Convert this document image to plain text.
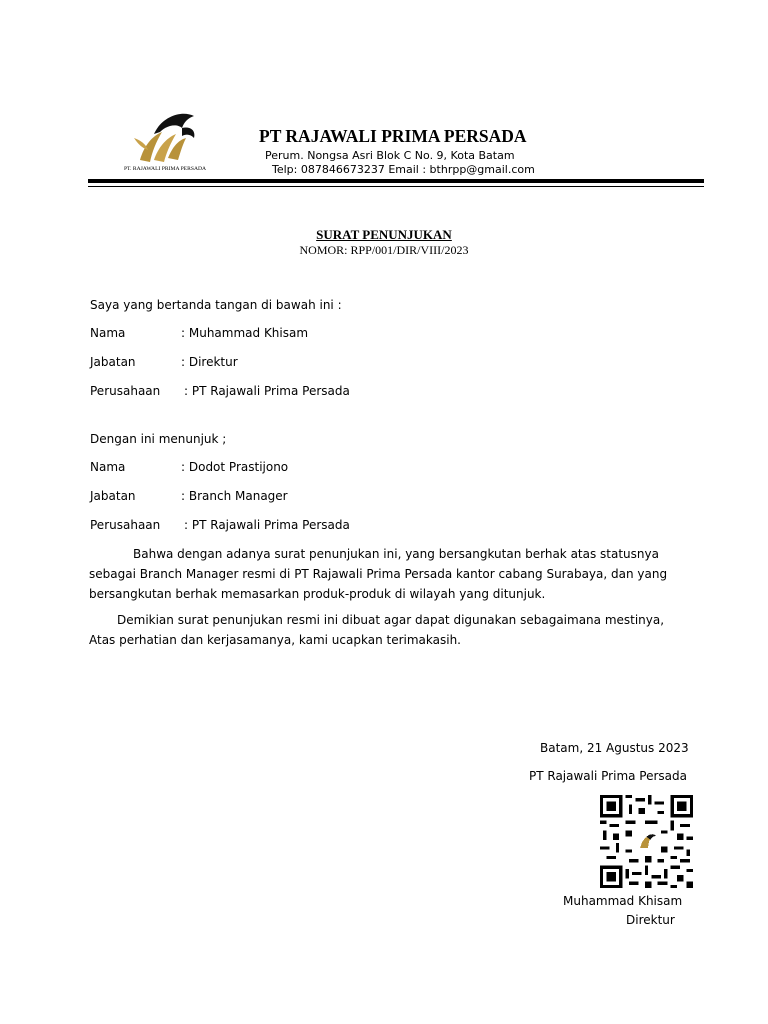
PT. RAJAWALI PRIMA PERSADA
PT RAJAWALI PRIMA PERSADA
Perum. Nongsa Asri Blok C No. 9, Kota Batam
Telp: 087846673237 Email : bthrpp@gmail.com
SURAT PENUNJUKAN
NOMOR: RPP/001/DIR/VIII/2023
Saya yang bertanda tangan di bawah ini :
Nama	: Muhammad Khisam
Jabatan	: Direktur
Perusahaan : PT Rajawali Prima Persada
Dengan ini menunjuk ;
Nama	: Dodot Prastijono
Jabatan	: Branch Manager
Perusahaan : PT Rajawali Prima Persada
Bahwa dengan adanya surat penunjukan ini, yang bersangkutan berhak atas statusnya sebagai Branch Manager resmi di PT Rajawali Prima Persada kantor cabang Surabaya, dan yang bersangkutan berhak memasarkan produk-produk di wilayah yang ditunjuk.
Demikian surat penunjukan resmi ini dibuat agar dapat digunakan sebagaimana mestinya, Atas perhatian dan kerjasamanya, kami ucapkan terimakasih.
Batam, 21 Agustus 2023
PT Rajawali Prima Persada
Muhammad Khisam
Direktur
